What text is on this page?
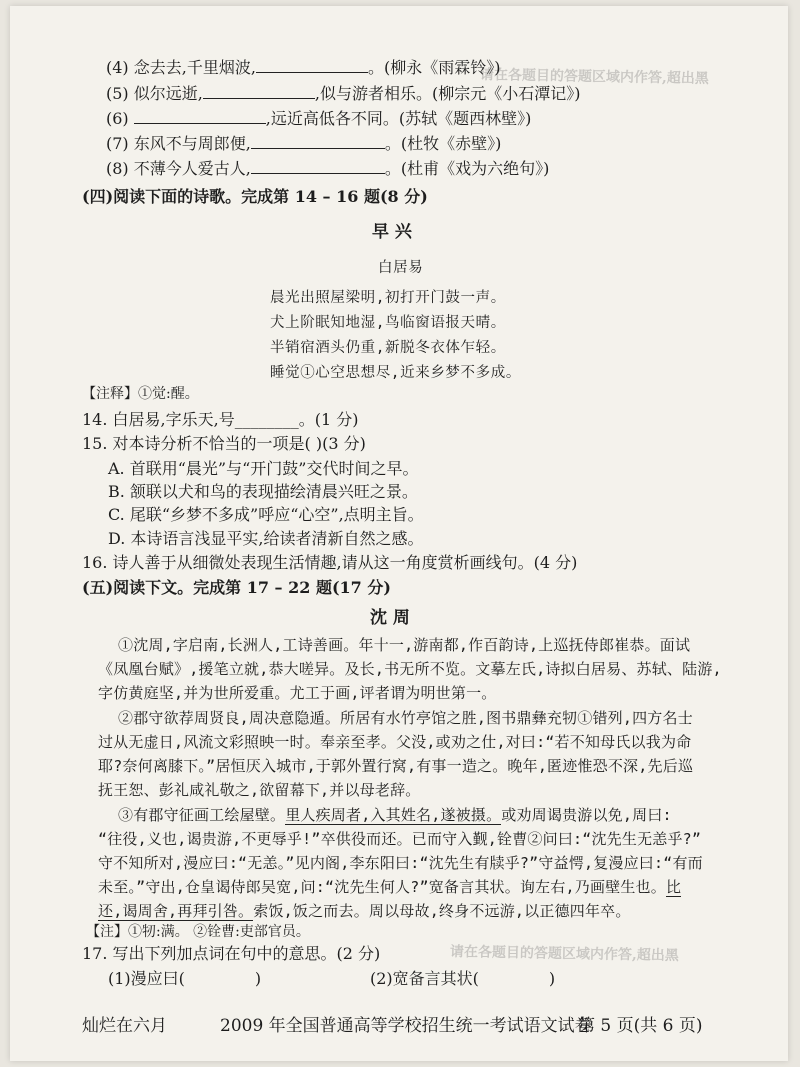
请在各题目的答题区域内作答,超出黑
请在各题目的答题区域内作答,超出黑
(4) 念去去,千里烟波,	。(柳永《雨霖铃》)
(5) 似尔远逝,	,似与游者相乐。(柳宗元《小石潭记》)
(6)	,远近高低各不同。(苏轼《题西林壁》)
(7) 东风不与周郎便,	。(杜牧《赤壁》)
(8) 不薄今人爱古人,	。(杜甫《戏为六绝句》)
(四)阅读下面的诗歌。完成第 14 – 16 题(8 分)
早 兴
白居易
晨光出照屋梁明,初打开门鼓一声。
犬上阶眠知地湿,鸟临窗语报天晴。
半销宿酒头仍重,新脱冬衣体乍轻。
睡觉①心空思想尽,近来乡梦不多成。
【注释】①觉:醒。
14. 白居易,字乐天,号________。(1 分)
15. 对本诗分析不恰当的一项是( )(3 分)
A. 首联用“晨光”与“开门鼓”交代时间之早。
B. 颔联以犬和鸟的表现描绘清晨兴旺之景。
C. 尾联“乡梦不多成”呼应“心空”,点明主旨。
D. 本诗语言浅显平实,给读者清新自然之感。
16. 诗人善于从细微处表现生活情趣,请从这一角度赏析画线句。(4 分)
(五)阅读下文。完成第 17 – 22 题(17 分)
沈 周
①沈周,字启南,长洲人,工诗善画。年十一,游南都,作百韵诗,上巡抚侍郎崔恭。面试
《凤凰台赋》,援笔立就,恭大嗟异。及长,书无所不览。文摹左氏,诗拟白居易、苏轼、陆游,
字仿黄庭坚,并为世所爱重。尤工于画,评者谓为明世第一。
②郡守欲荐周贤良,周决意隐遁。所居有水竹亭馆之胜,图书鼎彝充牣①错列,四方名士
过从无虚日,风流文彩照映一时。奉亲至孝。父没,或劝之仕,对曰:“若不知母氏以我为命
耶?奈何离膝下。”居恒厌入城市,于郭外置行窝,有事一造之。晚年,匿迹惟恐不深,先后巡
抚王恕、彭礼咸礼敬之,欲留幕下,并以母老辞。
③有郡守征画工绘屋壁。里人疾周者,入其姓名,遂被摄。或劝周谒贵游以免,周曰:
“往役,义也,谒贵游,不更辱乎!”卒供役而还。已而守入觐,铨曹②问曰:“沈先生无恙乎?”
守不知所对,漫应曰:“无恙。”见内阁,李东阳曰:“沈先生有牍乎?”守益愕,复漫应曰:“有而
未至。”守出,仓皇谒侍郎吴宽,问:“沈先生何人?”宽备言其状。询左右,乃画壁生也。比
还,谒周舍,再拜引咎。索饭,饭之而去。周以母故,终身不远游,以正德四年卒。
【注】①牣:满。 ②铨曹:吏部官员。
17. 写出下列加点词在句中的意思。(2 分)
(1)漫应曰(	)	(2)宽备言其状(	)
灿烂在六月	2009 年全国普通高等学校招生统一考试语文试卷
第 5 页(共 6 页)
